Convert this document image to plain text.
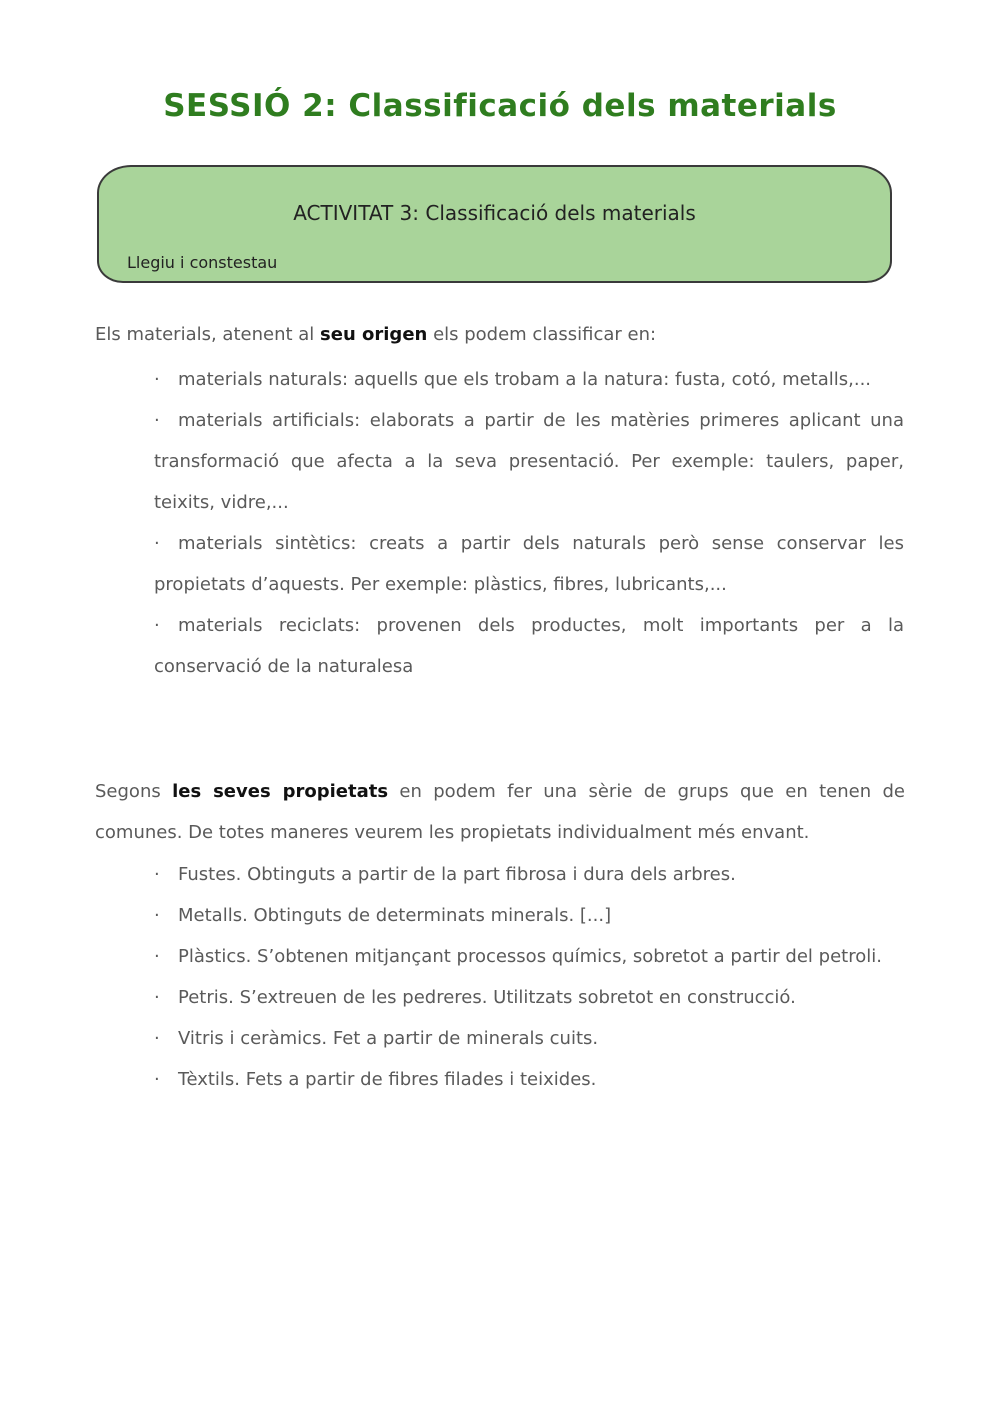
SESSIÓ 2: Classificació dels materials
ACTIVITAT 3: Classificació dels materials
Llegiu i constestau
Els materials, atenent al seu origen els podem classificar en:
· materials naturals: aquells que els trobam a la natura: fusta, cotó, metalls,...
· materials artificials: elaborats a partir de les matèries primeres aplicant una transformació que afecta a la seva presentació. Per exemple: taulers, paper, teixits, vidre,...
· materials sintètics: creats a partir dels naturals però sense conservar les propietats d’aquests. Per exemple: plàstics, fibres, lubricants,...
· materials reciclats: provenen dels productes, molt importants per a la conservació de la naturalesa
Segons les seves propietats en podem fer una sèrie de grups que en tenen de comunes. De totes maneres veurem les propietats individualment més envant.
· Fustes. Obtinguts a partir de la part fibrosa i dura dels arbres.
· Metalls. Obtinguts de determinats minerals. [...]
· Plàstics. S’obtenen mitjançant processos químics, sobretot a partir del petroli.
· Petris. S’extreuen de les pedreres. Utilitzats sobretot en construcció.
· Vitris i ceràmics. Fet a partir de minerals cuits.
· Tèxtils. Fets a partir de fibres filades i teixides.
